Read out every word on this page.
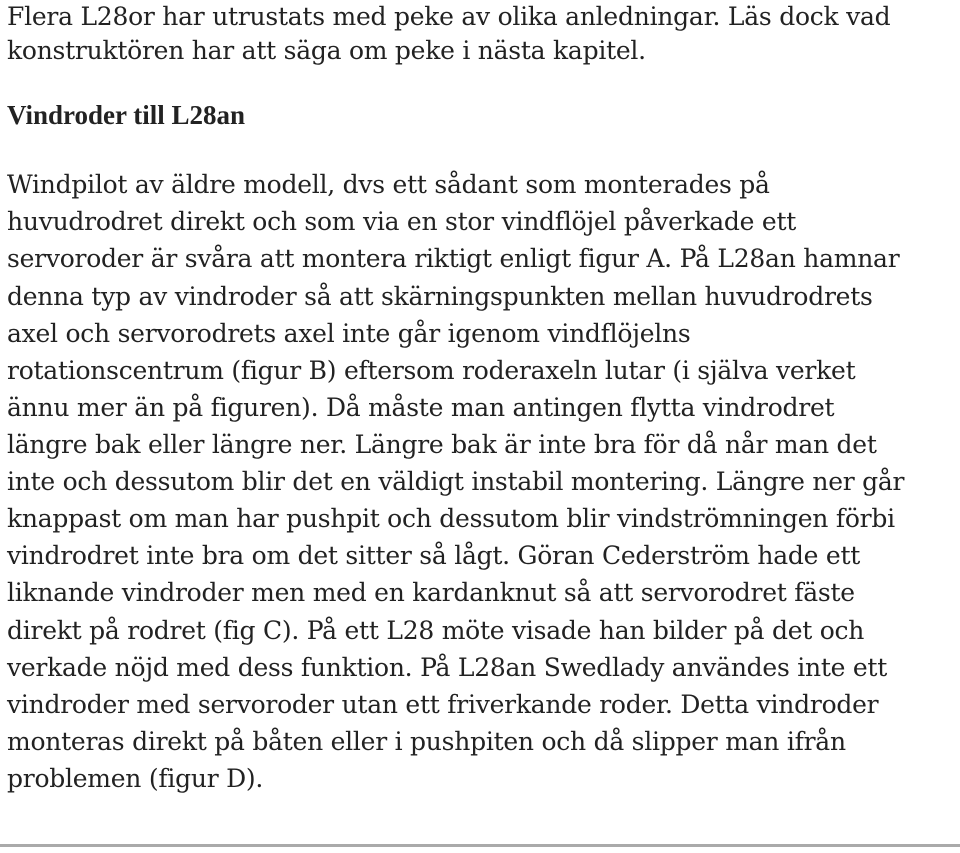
Flera L28or har utrustats med peke av olika anledningar. Läs dock vad
konstruktören har att säga om peke i nästa kapitel.
Vindroder till L28an
Windpilot av äldre modell, dvs ett sådant som monterades på
huvudrodret direkt och som via en stor vindflöjel påverkade ett
servoroder är svåra att montera riktigt enligt figur A. På L28an hamnar
denna typ av vindroder så att skärningspunkten mellan huvudrodrets
axel och servorodrets axel inte går igenom vindflöjelns
rotationscentrum (figur B) eftersom roderaxeln lutar (i själva verket
ännu mer än på figuren). Då måste man antingen flytta vindrodret
längre bak eller längre ner. Längre bak är inte bra för då når man det
inte och dessutom blir det en väldigt instabil montering. Längre ner går
knappast om man har pushpit och dessutom blir vindströmningen förbi
vindrodret inte bra om det sitter så lågt. Göran Cederström hade ett
liknande vindroder men med en kardanknut så att servorodret fäste
direkt på rodret (fig C). På ett L28 möte visade han bilder på det och
verkade nöjd med dess funktion. På L28an Swedlady användes inte ett
vindroder med servoroder utan ett friverkande roder. Detta vindroder
monteras direkt på båten eller i pushpiten och då slipper man ifrån
problemen (figur D).
